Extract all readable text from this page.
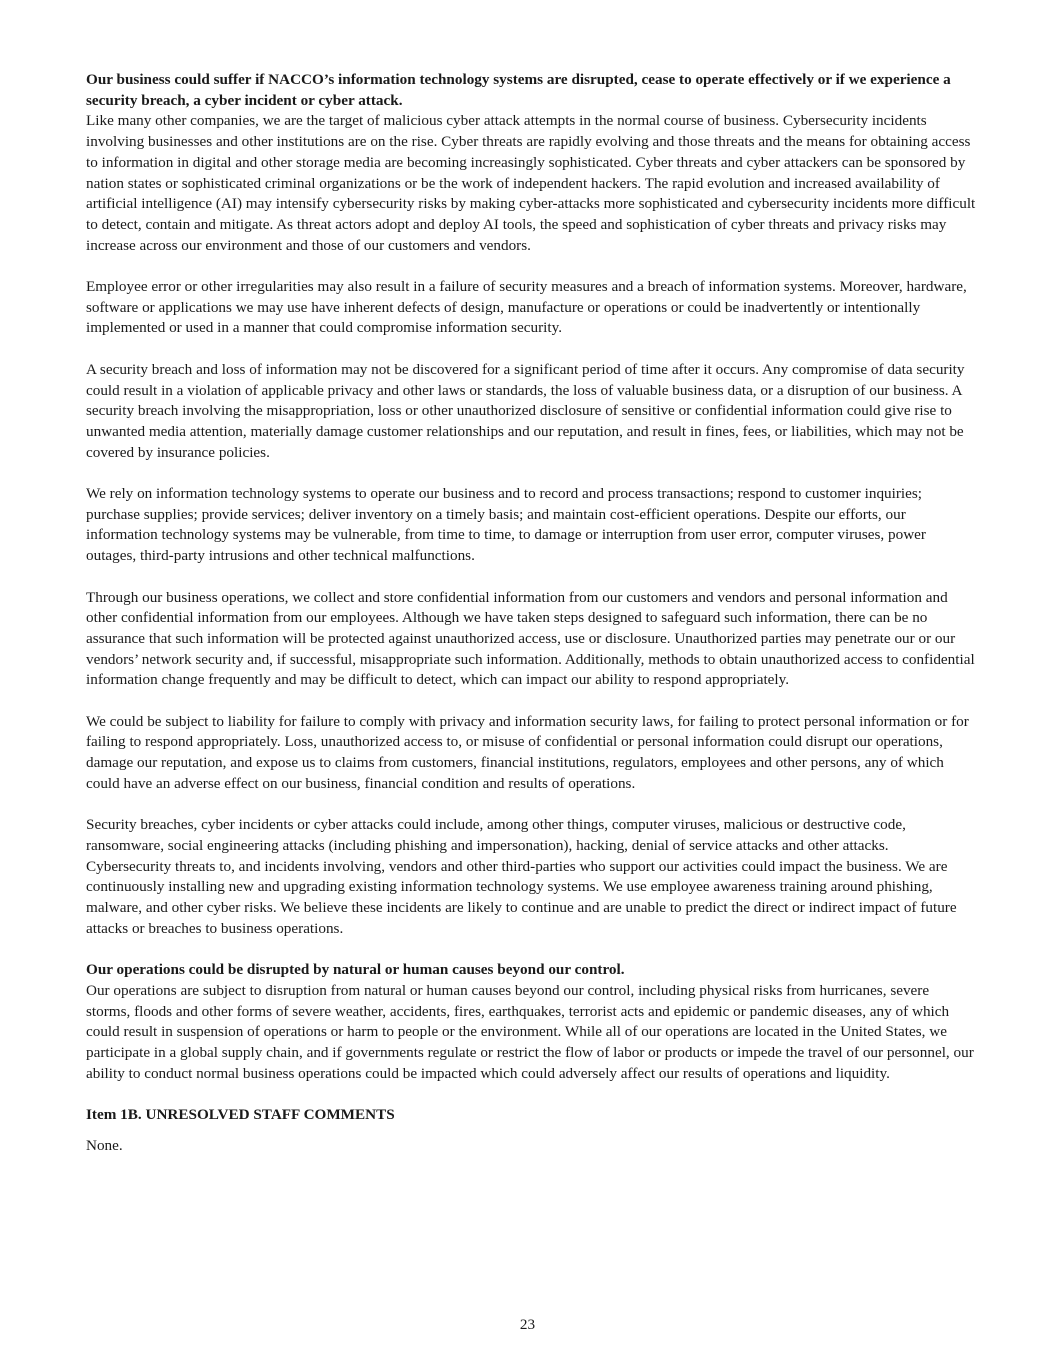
Our business could suffer if NACCO’s information technology systems are disrupted, cease to operate effectively or if we experience a security breach, a cyber incident or cyber attack.

Like many other companies, we are the target of malicious cyber attack attempts in the normal course of business. Cybersecurity incidents involving businesses and other institutions are on the rise. Cyber threats are rapidly evolving and those threats and the means for obtaining access to information in digital and other storage media are becoming increasingly sophisticated. Cyber threats and cyber attackers can be sponsored by nation states or sophisticated criminal organizations or be the work of independent hackers. The rapid evolution and increased availability of artificial intelligence (AI) may intensify cybersecurity risks by making cyber-attacks more sophisticated and cybersecurity incidents more difficult to detect, contain and mitigate. As threat actors adopt and deploy AI tools, the speed and sophistication of cyber threats and privacy risks may increase across our environment and those of our customers and vendors.

Employee error or other irregularities may also result in a failure of security measures and a breach of information systems. Moreover, hardware, software or applications we may use have inherent defects of design, manufacture or operations or could be inadvertently or intentionally implemented or used in a manner that could compromise information security.

A security breach and loss of information may not be discovered for a significant period of time after it occurs. Any compromise of data security could result in a violation of applicable privacy and other laws or standards, the loss of valuable business data, or a disruption of our business. A security breach involving the misappropriation, loss or other unauthorized disclosure of sensitive or confidential information could give rise to unwanted media attention, materially damage customer relationships and our reputation, and result in fines, fees, or liabilities, which may not be covered by insurance policies.

We rely on information technology systems to operate our business and to record and process transactions; respond to customer inquiries; purchase supplies; provide services; deliver inventory on a timely basis; and maintain cost-efficient operations. Despite our efforts, our information technology systems may be vulnerable, from time to time, to damage or interruption from user error, computer viruses, power outages, third-party intrusions and other technical malfunctions.

Through our business operations, we collect and store confidential information from our customers and vendors and personal information and other confidential information from our employees. Although we have taken steps designed to safeguard such information, there can be no assurance that such information will be protected against unauthorized access, use or disclosure. Unauthorized parties may penetrate our or our vendors’ network security and, if successful, misappropriate such information. Additionally, methods to obtain unauthorized access to confidential information change frequently and may be difficult to detect, which can impact our ability to respond appropriately.

We could be subject to liability for failure to comply with privacy and information security laws, for failing to protect personal information or for failing to respond appropriately. Loss, unauthorized access to, or misuse of confidential or personal information could disrupt our operations, damage our reputation, and expose us to claims from customers, financial institutions, regulators, employees and other persons, any of which could have an adverse effect on our business, financial condition and results of operations.

Security breaches, cyber incidents or cyber attacks could include, among other things, computer viruses, malicious or destructive code, ransomware, social engineering attacks (including phishing and impersonation), hacking, denial of service attacks and other attacks. Cybersecurity threats to, and incidents involving, vendors and other third-parties who support our activities could impact the business. We are continuously installing new and upgrading existing information technology systems. We use employee awareness training around phishing, malware, and other cyber risks. We believe these incidents are likely to continue and are unable to predict the direct or indirect impact of future attacks or breaches to business operations.

Our operations could be disrupted by natural or human causes beyond our control.

Our operations are subject to disruption from natural or human causes beyond our control, including physical risks from hurricanes, severe storms, floods and other forms of severe weather, accidents, fires, earthquakes, terrorist acts and epidemic or pandemic diseases, any of which could result in suspension of operations or harm to people or the environment. While all of our operations are located in the United States, we participate in a global supply chain, and if governments regulate or restrict the flow of labor or products or impede the travel of our personnel, our ability to conduct normal business operations could be impacted which could adversely affect our results of operations and liquidity.

Item 1B. UNRESOLVED STAFF COMMENTS

None.

23
